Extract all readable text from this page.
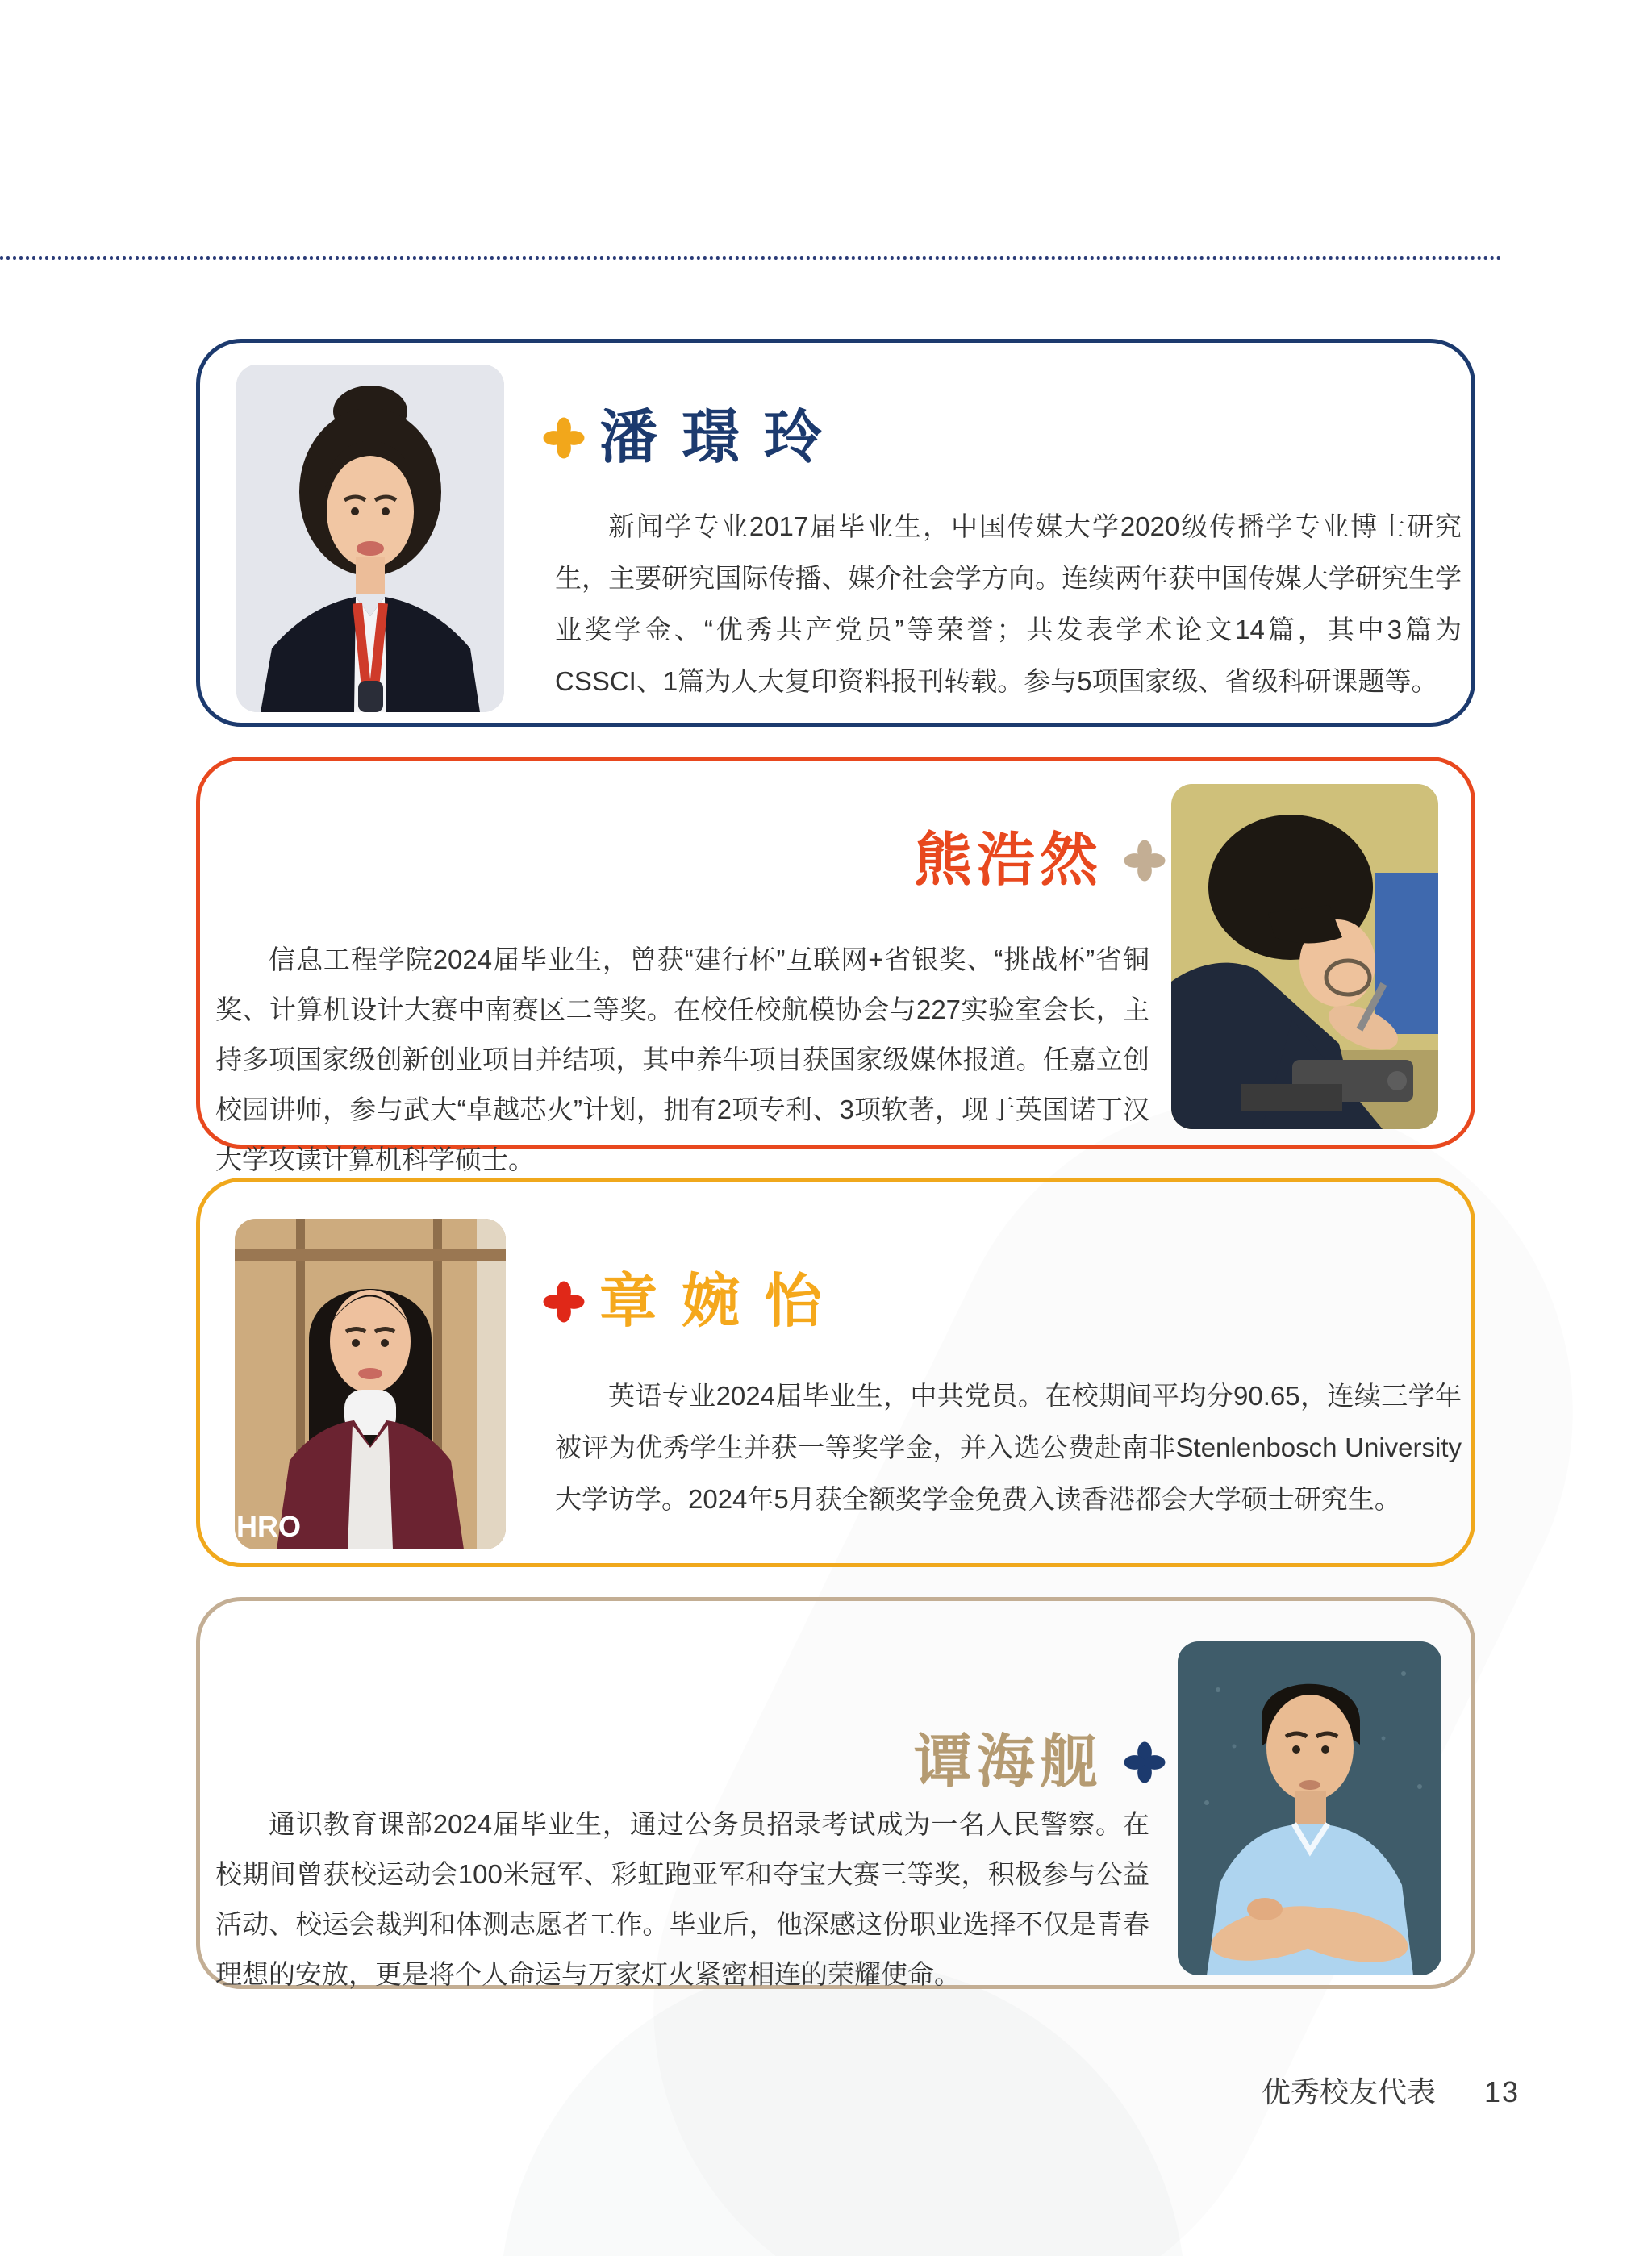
潘璟玲

新闻学专业2017届毕业生，中国传媒大学2020级传播学专业博士研究生，主要研究国际传播、媒介社会学方向。连续两年获中国传媒大学研究生学业奖学金、“优秀共产党员”等荣誉；共发表学术论文14篇，其中3篇为CSSCI、1篇为人大复印资料报刊转载。参与5项国家级、省级科研课题等。

熊浩然

信息工程学院2024届毕业生，曾获“建行杯”互联网+省银奖、“挑战杯”省铜奖、计算机设计大赛中南赛区二等奖。在校任校航模协会与227实验室会长，主持多项国家级创新创业项目并结项，其中养牛项目获国家级媒体报道。任嘉立创校园讲师，参与武大“卓越芯火”计划，拥有2项专利、3项软著，现于英国诺丁汉大学攻读计算机科学硕士。

HRO
章婉怡

英语专业2024届毕业生，中共党员。在校期间平均分90.65，连续三学年被评为优秀学生并获一等奖学金，并入选公费赴南非Stenlenbosch University大学访学。2024年5月获全额奖学金免费入读香港都会大学硕士研究生。

谭海舰

通识教育课部2024届毕业生，通过公务员招录考试成为一名人民警察。在校期间曾获校运动会100米冠军、彩虹跑亚军和夺宝大赛三等奖，积极参与公益活动、校运会裁判和体测志愿者工作。毕业后，他深感这份职业选择不仅是青春理想的安放，更是将个人命运与万家灯火紧密相连的荣耀使命。

优秀校友代表 13
